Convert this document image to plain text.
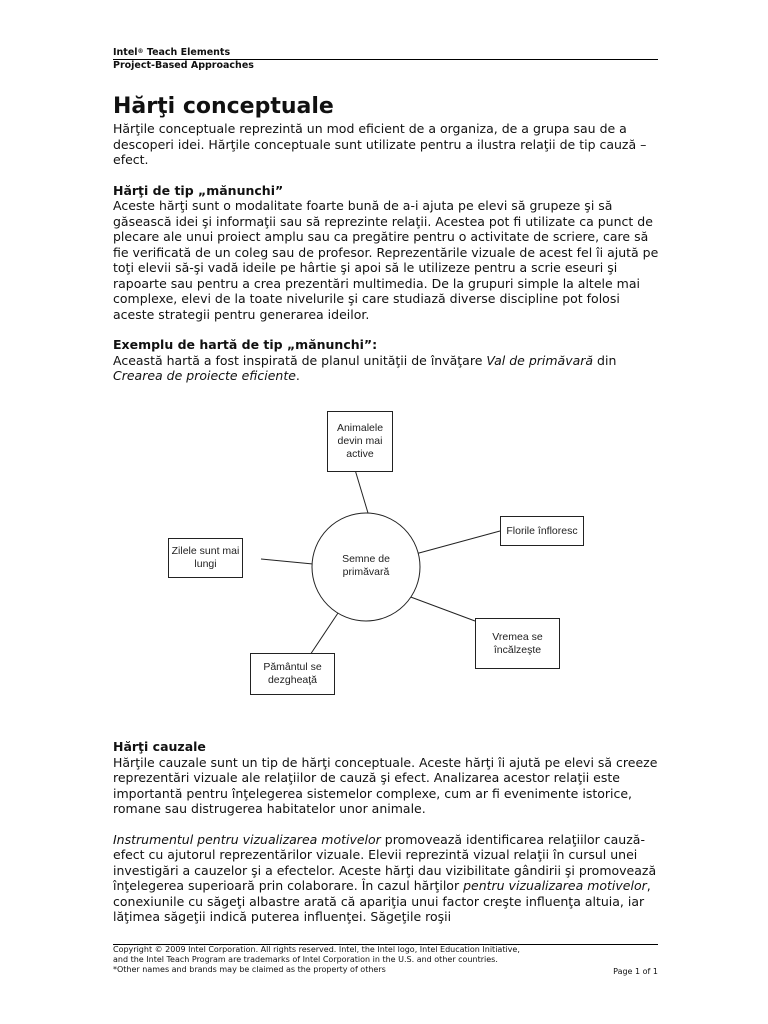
Intel® Teach Elements
Project-Based Approaches
Hărţi conceptuale

Hărţile conceptuale reprezintă un mod eficient de a organiza, de a grupa sau de a descoperi idei. Hărţile conceptuale sunt utilizate pentru a ilustra relaţii de tip cauză – efect.

Hărţi de tip „mănunchi”

Aceste hărţi sunt o modalitate foarte bună de a-i ajuta pe elevi să grupeze şi să găsească idei şi informaţii sau să reprezinte relaţii. Acestea pot fi utilizate ca punct de plecare ale unui proiect amplu sau ca pregătire pentru o activitate de scriere, care să fie verificată de un coleg sau de profesor. Reprezentările vizuale de acest fel îi ajută pe toţi elevii să-şi vadă ideile pe hârtie şi apoi să le utilizeze pentru a scrie eseuri şi rapoarte sau pentru a crea prezentări multimedia. De la grupuri simple la altele mai complexe, elevi de la toate nivelurile şi care studiază diverse discipline pot folosi aceste strategii pentru generarea ideilor.

Exemplu de hartă de tip „mănunchi”:

Această hartă a fost inspirată de planul unităţii de învăţare Val de primăvară din Crearea de proiecte eficiente.

Semne de primăvară
Animalele devin mai active
Florile înfloresc
Zilele sunt mai lungi
Vremea se încălzeşte
Pământul se dezgheaţă
Hărţi cauzale

Hărţile cauzale sunt un tip de hărţi conceptuale. Aceste hărţi îi ajută pe elevi să creeze reprezentări vizuale ale relaţiilor de cauză şi efect. Analizarea acestor relaţii este importantă pentru înţelegerea sistemelor complexe, cum ar fi evenimente istorice, romane sau distrugerea habitatelor unor animale.

Instrumentul pentru vizualizarea motivelor promovează identificarea relaţiilor cauză-efect cu ajutorul reprezentărilor vizuale. Elevii reprezintă vizual relaţii în cursul unei investigări a cauzelor şi a efectelor. Aceste hărţi dau vizibilitate gândirii şi promovează înţelegerea superioară prin colaborare. În cazul hărţilor pentru vizualizarea motivelor, conexiunile cu săgeţi albastre arată că apariţia unui factor creşte influenţa altuia, iar lăţimea săgeţii indică puterea influenţei. Săgeţile roşii

Copyright © 2009 Intel Corporation. All rights reserved. Intel, the Intel logo, Intel Education Initiative,

and the Intel Teach Program are trademarks of Intel Corporation in the U.S. and other countries.

*Other names and brands may be claimed as the property of others	Page 1 of 1
